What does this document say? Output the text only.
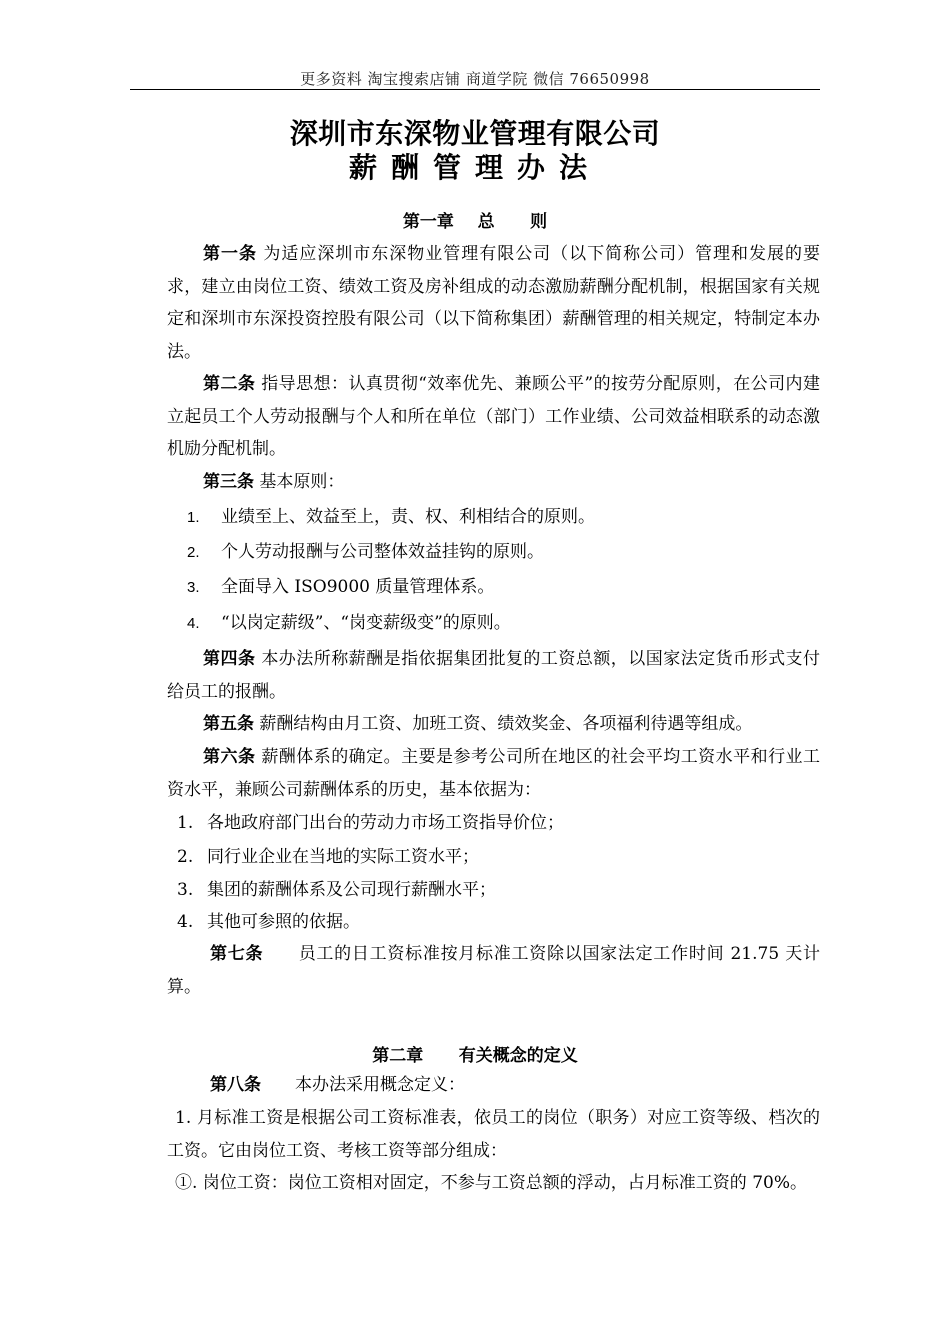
更多资料 淘宝搜索店铺 商道学院 微信 76650998
深圳市东深物业管理有限公司
薪酬管理办法
第一章    总      则
第一条 为适应深圳市东深物业管理有限公司（以下简称公司）管理和发展的要求，建立由岗位工资、绩效工资及房补组成的动态激励薪酬分配机制，根据国家有关规定和深圳市东深投资控股有限公司（以下简称集团）薪酬管理的相关规定，特制定本办法。
第二条 指导思想：认真贯彻“效率优先、兼顾公平”的按劳分配原则，在公司内建立起员工个人劳动报酬与个人和所在单位（部门）工作业绩、公司效益相联系的动态激机励分配机制。
第三条 基本原则：
1. 业绩至上、效益至上，责、权、利相结合的原则。
2. 个人劳动报酬与公司整体效益挂钩的原则。
3. 全面导入 ISO9000 质量管理体系。
4. “以岗定薪级”、“岗变薪级变”的原则。
第四条 本办法所称薪酬是指依据集团批复的工资总额，以国家法定货币形式支付给员工的报酬。
第五条 薪酬结构由月工资、加班工资、绩效奖金、各项福利待遇等组成。
第六条 薪酬体系的确定。主要是参考公司所在地区的社会平均工资水平和行业工资水平，兼顾公司薪酬体系的历史，基本依据为：
1. 各地政府部门出台的劳动力市场工资指导价位；
2. 同行业企业在当地的实际工资水平；
3. 集团的薪酬体系及公司现行薪酬水平；
4. 其他可参照的依据。
第七条　　员工的日工资标准按月标准工资除以国家法定工作时间 21.75 天计算。
第二章      有关概念的定义
第八条　　本办法采用概念定义：
1. 月标准工资是根据公司工资标准表，依员工的岗位（职务）对应工资等级、档次的工资。它由岗位工资、考核工资等部分组成：
①. 岗位工资：岗位工资相对固定，不参与工资总额的浮动，占月标准工资的 70%。
